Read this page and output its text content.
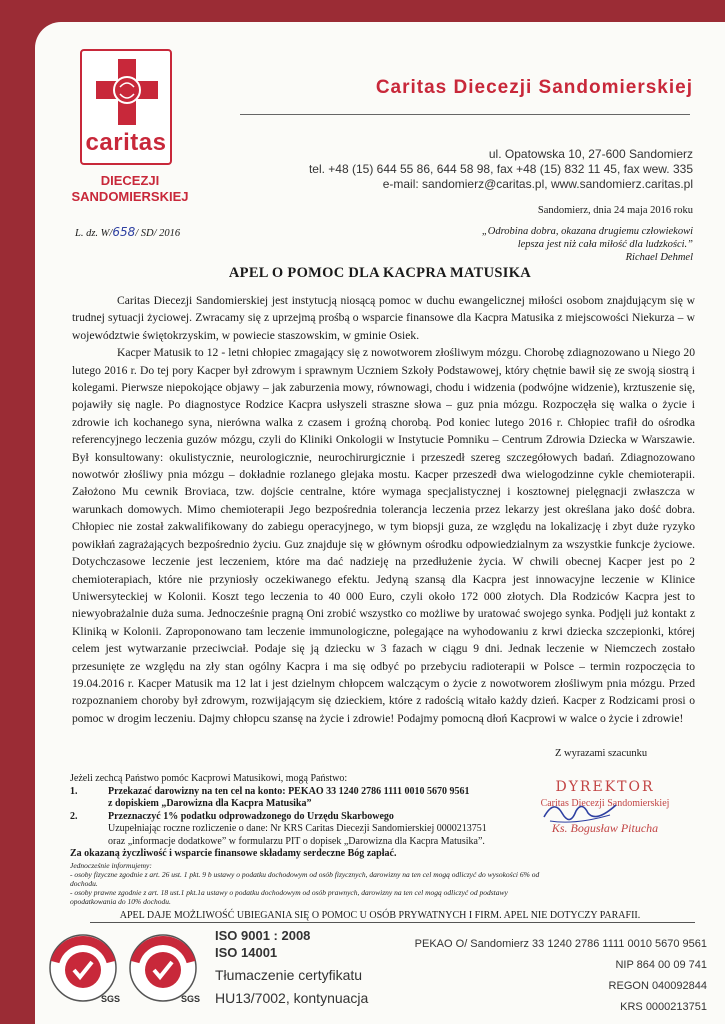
caritas
DIECEZJI
SANDOMIERSKIEJ
Caritas Diecezji Sandomierskiej
ul. Opatowska 10, 27-600 Sandomierz
tel. +48 (15) 644 55 86, 644 58 98, fax +48 (15) 832 11 45, fax wew. 335
e-mail: sandomierz@caritas.pl, www.sandomierz.caritas.pl
Sandomierz, dnia 24 maja 2016 roku
L. dz. W/658/ SD/ 2016	„Odrobina dobra, okazana drugiemu człowiekowi
lepsza jest niż cała miłość dla ludzkości.”
Richael Dehmel
APEL O POMOC DLA KACPRA MATUSIKA

Caritas Diecezji Sandomierskiej jest instytucją niosącą pomoc w duchu ewangelicznej miłości osobom znajdującym się w trudnej sytuacji życiowej. Zwracamy się z uprzejmą prośbą o wsparcie finansowe dla Kacpra Matusika z miejscowości Niekurza – w województwie świętokrzyskim, w powiecie staszowskim, w gminie Osiek.

Kacper Matusik to 12 - letni chłopiec zmagający się z nowotworem złośliwym mózgu. Chorobę zdiagnozowano u Niego 20 lutego 2016 r. Do tej pory Kacper był zdrowym i sprawnym Uczniem Szkoły Podstawowej, który chętnie bawił się ze swoją siostrą i kolegami. Pierwsze niepokojące objawy – jak zaburzenia mowy, równowagi, chodu i widzenia (podwójne widzenie), krztuszenie się, pojawiły się nagle. Po diagnostyce Rodzice Kacpra usłyszeli straszne słowa – guz pnia mózgu. Rozpoczęła się walka o życie i zdrowie ich kochanego syna, nierówna walka z czasem i groźną chorobą. Pod koniec lutego 2016 r. Chłopiec trafił do ośrodka referencyjnego leczenia guzów mózgu, czyli do Kliniki Onkologii w Instytucie Pomniku – Centrum Zdrowia Dziecka w Warszawie. Był konsultowany: okulistycznie, neurologicznie, neurochirurgicznie i przeszedł szereg szczegółowych badań. Zdiagnozowano nowotwór złośliwy pnia mózgu – dokładnie rozlanego glejaka mostu. Kacper przeszedł dwa wielogodzinne cykle chemioterapii. Założono Mu cewnik Broviaca, tzw. dojście centralne, które wymaga specjalistycznej i kosztownej pielęgnacji zwłaszcza w warunkach domowych. Mimo chemioterapii Jego bezpośrednia tolerancja leczenia przez lekarzy jest określana jako dość dobra. Chłopiec nie został zakwalifikowany do zabiegu operacyjnego, w tym biopsji guza, ze względu na lokalizację i zbyt duże ryzyko powikłań zagrażających bezpośrednio życiu. Guz znajduje się w głównym ośrodku odpowiedzialnym za wszystkie funkcje życiowe. Dotychczasowe leczenie jest leczeniem, które ma dać nadzieję na przedłużenie życia. W chwili obecnej Kacper jest po 2 chemioterapiach, które nie przyniosły oczekiwanego efektu. Jedyną szansą dla Kacpra jest innowacyjne leczenie w Klinice Uniwersyteckiej w Kolonii. Koszt tego leczenia to 40 000 Euro, czyli około 172 000 złotych. Dla Rodziców Kacpra jest to niewyobrażalnie duża suma. Jednocześnie pragną Oni zrobić wszystko co możliwe by uratować swojego synka. Podjęli już kontakt z Kliniką w Kolonii. Zaproponowano tam leczenie immunologiczne, polegające na wyhodowaniu z krwi dziecka szczepionki, której celem jest wytwarzanie przeciwciał. Podaje się ją dziecku w 3 fazach w ciągu 9 dni. Jednak leczenie w Niemczech zostało przesunięte ze względu na zły stan ogólny Kacpra i ma się odbyć po przebyciu radioterapii w Polsce – termin rozpoczęcia to 19.04.2016 r. Kacper Matusik ma 12 lat i jest dzielnym chłopcem walczącym o życie z nowotworem złośliwym pnia mózgu. Przed rozpoznaniem choroby był zdrowym, rozwijającym się dzieckiem, które z radością witało każdy dzień. Kacper z Rodzicami prosi o pomoc w drogim leczeniu. Dajmy chłopcu szansę na życie i zdrowie! Podajmy pomocną dłoń Kacprowi w walce o życie i zdrowie!

Z wyrazami szacunku
Jeżeli zechcą Państwo pomóc Kacprowi Matusikowi, mogą Państwo:
1.	Przekazać darowizny na ten cel na konto: PEKAO 33 1240 2786 1111 0010 5670 9561
z dopiskiem „Darowizna dla Kacpra Matusika”
2.	Przeznaczyć 1% podatku odprowadzonego do Urzędu Skarbowego
Uzupełniając roczne rozliczenie o dane: Nr KRS Caritas Diecezji Sandomierskiej 0000213751
oraz „informacje dodatkowe” w formularzu PIT o dopisek „Darowizna dla Kacpra Matusika”.
Za okazaną życzliwość i wsparcie finansowe składamy serdeczne Bóg zapłać.
Jednocześnie informujemy:
- osoby fizyczne zgodnie z art. 26 ust. 1 pkt. 9 b ustawy o podatku dochodowym od osób fizycznych, darowizny na ten cel mogą odliczyć do wysokości 6% od dochodu.
- osoby prawne zgodnie z art. 18 ust.1 pkt.1a ustawy o podatku dochodowym od osób prawnych, darowizny na ten cel mogą odliczyć od podstawy opodatkowania do 10% dochodu.
DYREKTOR
Caritas Diecezji Sandomierskiej
Ks. Bogusław Pitucha
APEL DAJE MOŻLIWOŚĆ UBIEGANIA SIĘ O POMOC U OSÓB PRYWATNYCH I FIRM. APEL NIE DOTYCZY PARAFII.
SGS	SGS
ISO 9001 : 2008
ISO 14001
Tłumaczenie certyfikatu
HU13/7002, kontynuacja
PEKAO O/ Sandomierz 33 1240 2786 1111 0010 5670 9561
NIP 864 00 09 741
REGON 040092844
KRS 0000213751
